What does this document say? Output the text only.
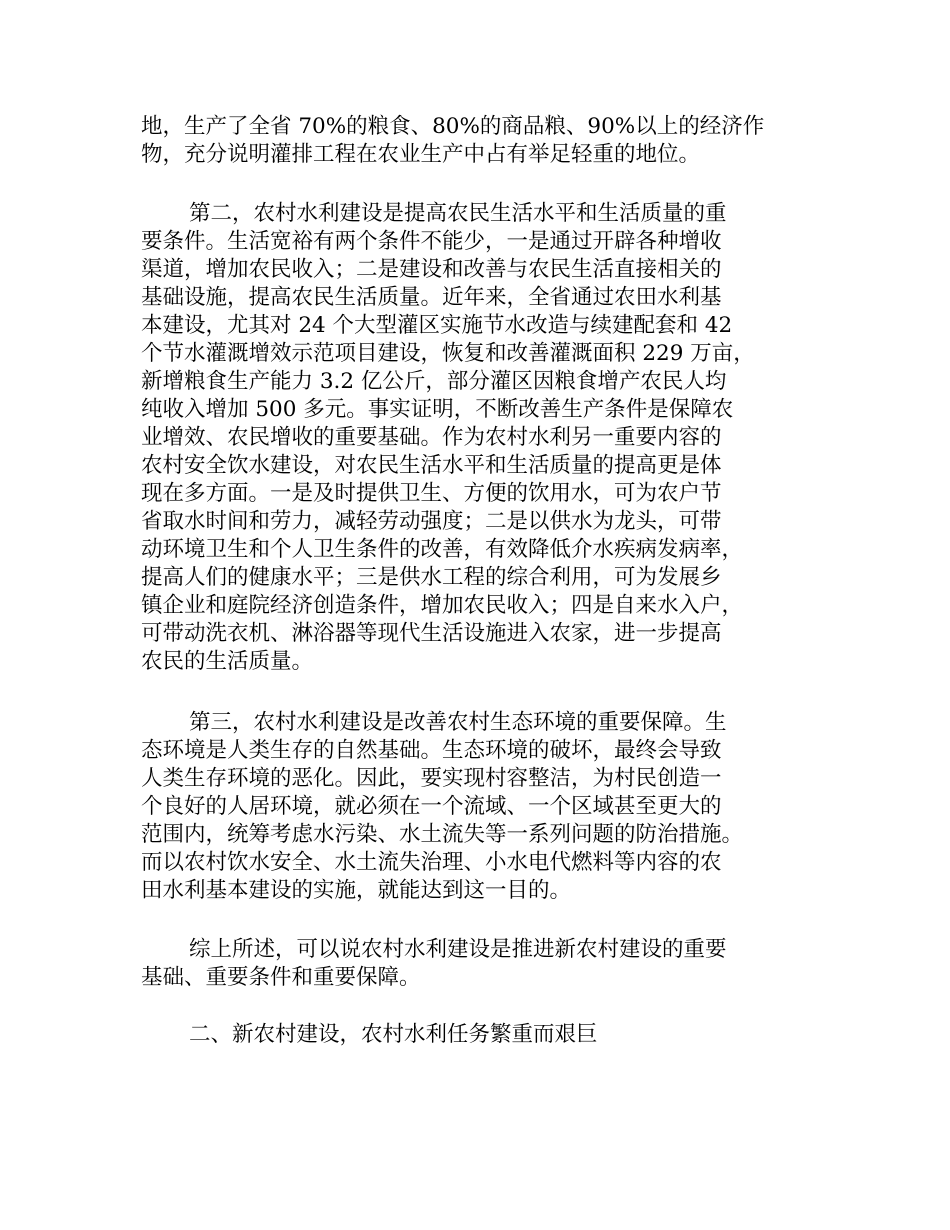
地，生产了全省 70%的粮食、80%的商品粮、90%以上的经济作
物，充分说明灌排工程在农业生产中占有举足轻重的地位。
第二，农村水利建设是提高农民生活水平和生活质量的重
要条件。生活宽裕有两个条件不能少，一是通过开辟各种增收
渠道，增加农民收入；二是建设和改善与农民生活直接相关的
基础设施，提高农民生活质量。近年来，全省通过农田水利基
本建设，尤其对 24 个大型灌区实施节水改造与续建配套和 42
个节水灌溉增效示范项目建设，恢复和改善灌溉面积 229 万亩，
新增粮食生产能力 3.2 亿公斤，部分灌区因粮食增产农民人均
纯收入增加 500 多元。事实证明，不断改善生产条件是保障农
业增效、农民增收的重要基础。作为农村水利另一重要内容的
农村安全饮水建设，对农民生活水平和生活质量的提高更是体
现在多方面。一是及时提供卫生、方便的饮用水，可为农户节
省取水时间和劳力，减轻劳动强度；二是以供水为龙头，可带
动环境卫生和个人卫生条件的改善，有效降低介水疾病发病率，
提高人们的健康水平；三是供水工程的综合利用，可为发展乡
镇企业和庭院经济创造条件，增加农民收入；四是自来水入户，
可带动洗衣机、淋浴器等现代生活设施进入农家，进一步提高
农民的生活质量。
第三，农村水利建设是改善农村生态环境的重要保障。生
态环境是人类生存的自然基础。生态环境的破坏，最终会导致
人类生存环境的恶化。因此，要实现村容整洁，为村民创造一
个良好的人居环境，就必须在一个流域、一个区域甚至更大的
范围内，统筹考虑水污染、水土流失等一系列问题的防治措施。
而以农村饮水安全、水土流失治理、小水电代燃料等内容的农
田水利基本建设的实施，就能达到这一目的。
综上所述，可以说农村水利建设是推进新农村建设的重要
基础、重要条件和重要保障。
二、新农村建设，农村水利任务繁重而艰巨
